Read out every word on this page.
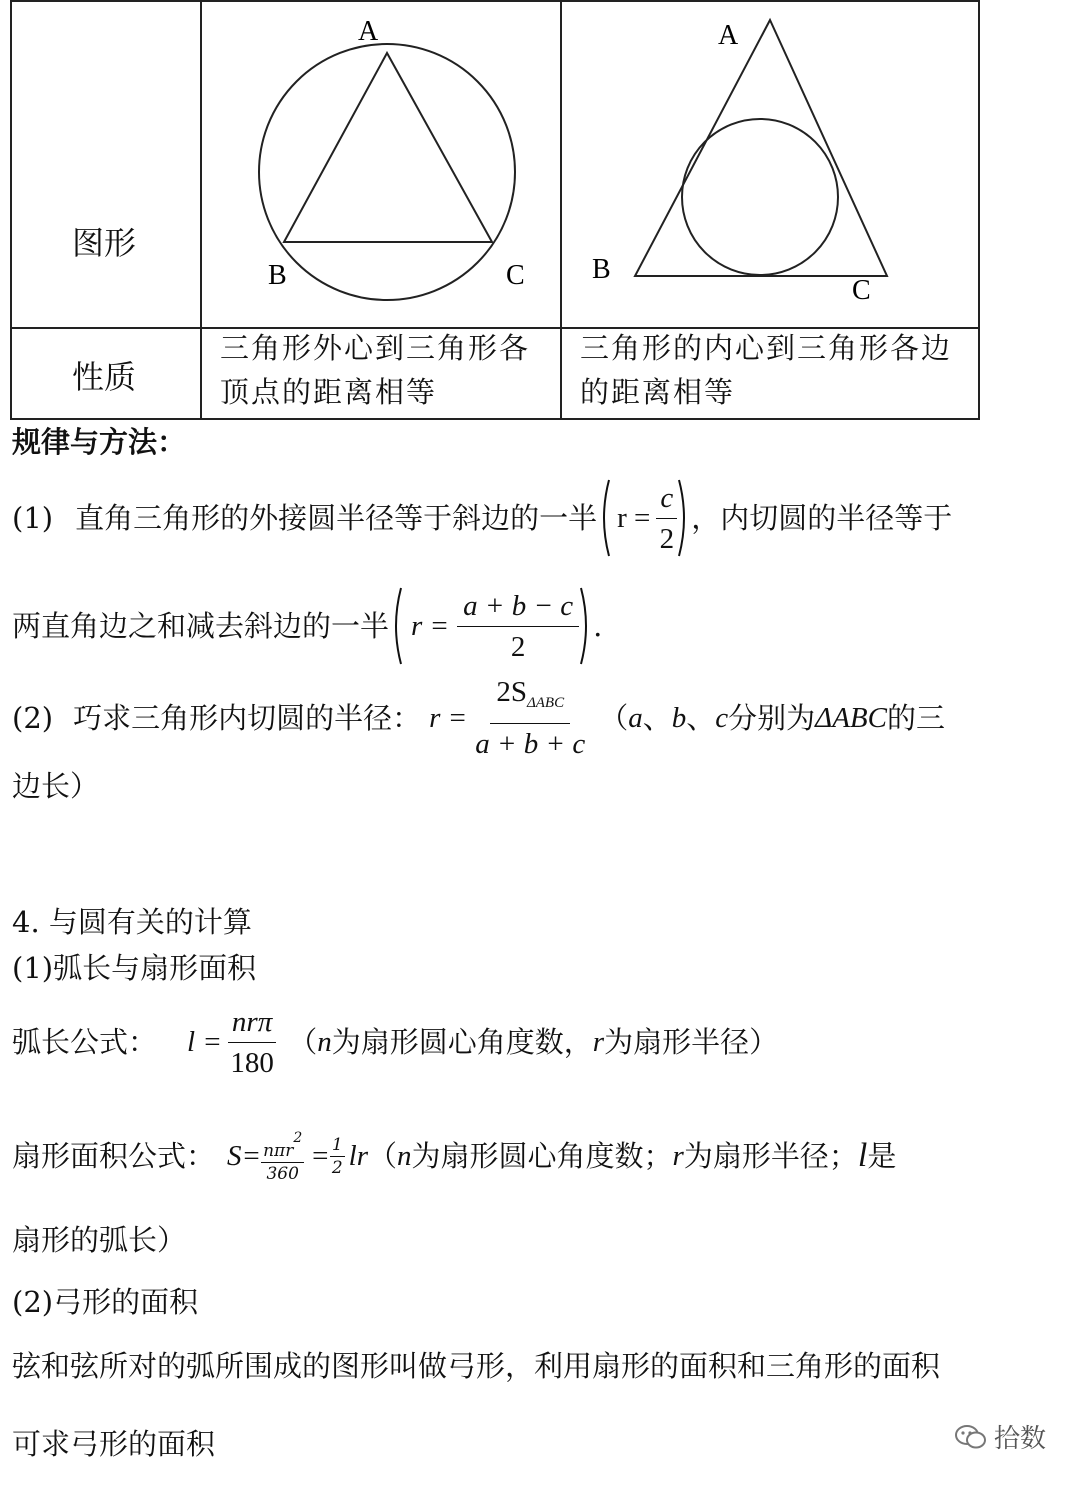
图形
性质
A
B	C
A
B
C
三角形外心到三角形各
顶点的距离相等
三角形的内心到三角形各边
的距离相等
规律与方法：
(1) 直角三角形的外接圆半径等于斜边的一半 $r = \frac{c}{2}$ ，内切圆的半径等于
两直角边之和减去斜边的一半 $r = \frac{a + b - c}{2}$ .
(2) 巧求三角形内切圆的半径： $r = \frac{2S_{\Delta ABC}}{a + b + c}$ （ a 、 b 、 c 分别为 ΔABC 的三
边长）
4. 与圆有关的计算
(1)弧长与扇形面积
弧长公式： $l = \frac{\text{nrπ}}{180}$ （ n 为扇形圆心角度数， r 为扇形半径）
扇形面积公式： $S= \frac{n\pi r^2}{360} = \frac{1}{2}$ lr （ n 为扇形圆心角度数； r 为扇形半径； l 是
扇形的弧长）
(2)弓形的面积
弦和弦所对的弧所围成的图形叫做弓形，利用扇形的面积和三角形的面积
可求弓形的面积	拾数
